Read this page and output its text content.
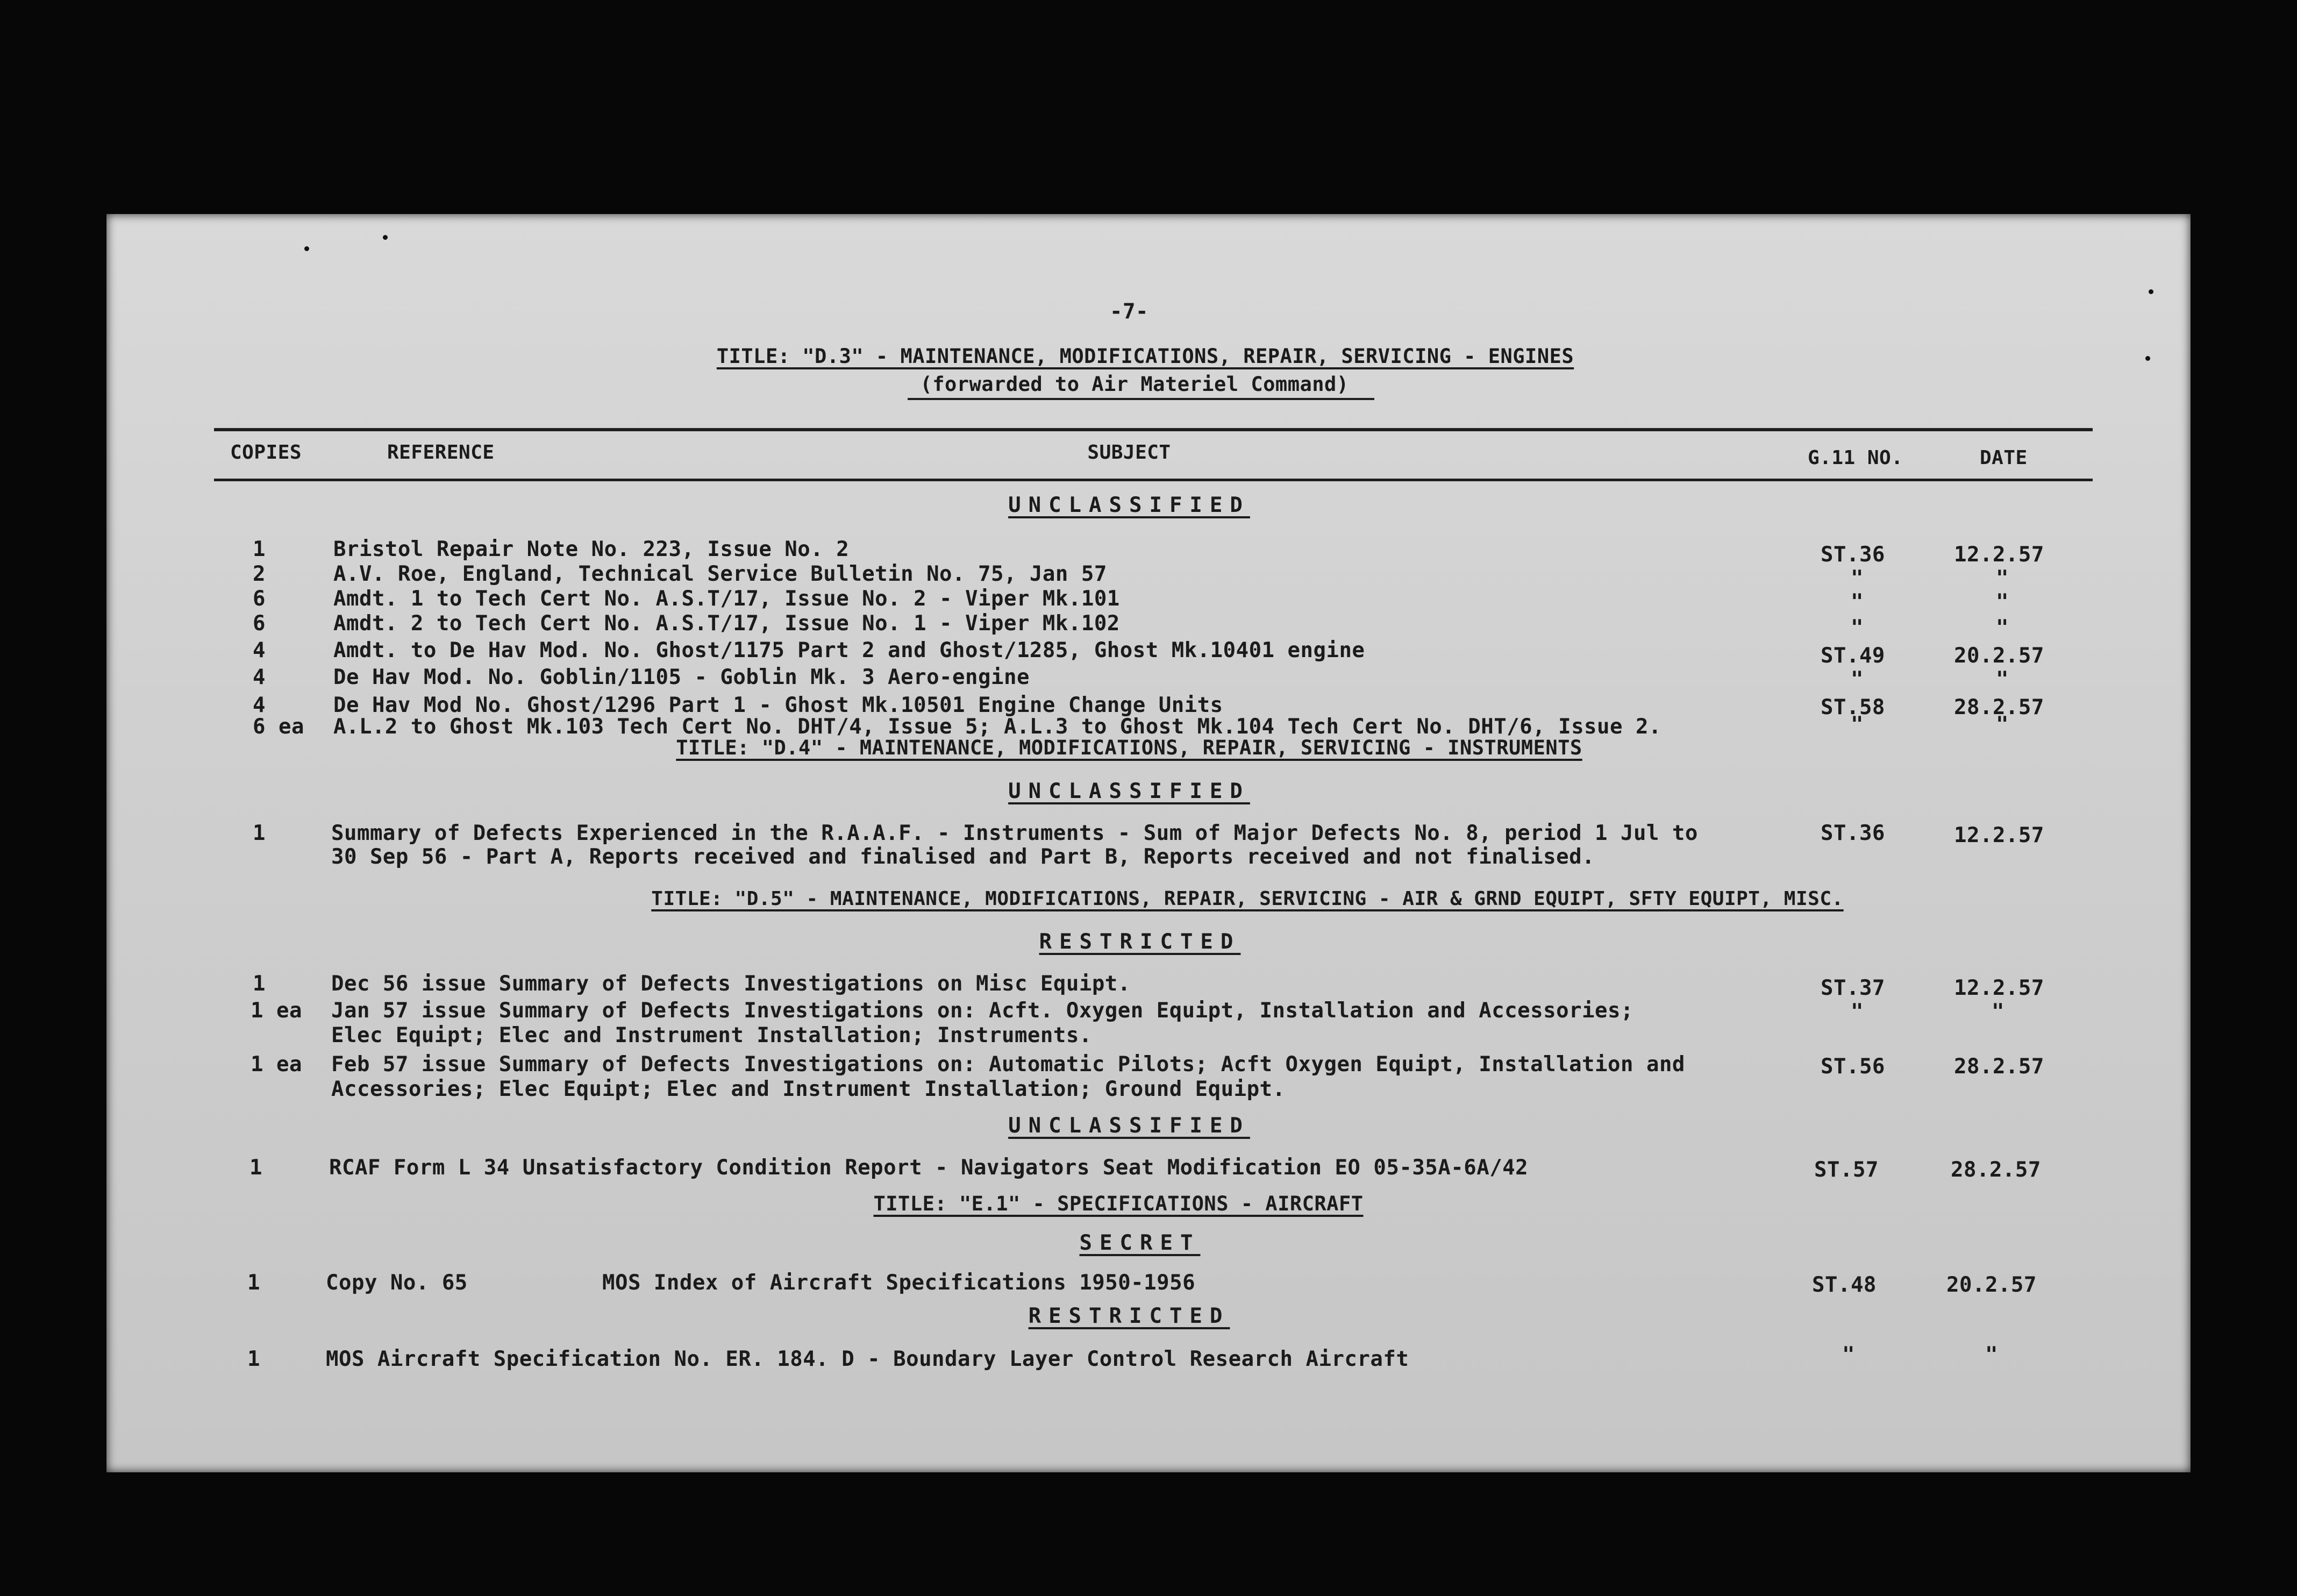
-7-
TITLE: "D.3" - MAINTENANCE, MODIFICATIONS, REPAIR, SERVICING - ENGINES
(forwarded to Air Materiel Command)
COPIES	REFERENCE	SUBJECT	G.11 NO.	DATE
UNCLASSIFIED
1	Bristol Repair Note No. 223, Issue No. 2	ST.36	12.2.57
2	A.V. Roe, England, Technical Service Bulletin No. 75, Jan 57	"	"
6	Amdt. 1 to Tech Cert No. A.S.T/17, Issue No. 2 - Viper Mk.101	"	"
6	Amdt. 2 to Tech Cert No. A.S.T/17, Issue No. 1 - Viper Mk.102	"	"
4	Amdt. to De Hav Mod. No. Ghost/1175 Part 2 and Ghost/1285, Ghost Mk.10401 engine	ST.49	20.2.57
4	De Hav Mod. No. Goblin/1105 - Goblin Mk. 3 Aero-engine	"	"
4	De Hav Mod No. Ghost/1296 Part 1 - Ghost Mk.10501 Engine Change Units	ST.58	28.2.57
6 ea A.L.2 to Ghost Mk.103 Tech Cert No. DHT/4, Issue 5; A.L.3 to Ghost Mk.104 Tech Cert No. DHT/6, Issue 2.	"	"
TITLE: "D.4" - MAINTENANCE, MODIFICATIONS, REPAIR, SERVICING - INSTRUMENTS
UNCLASSIFIED
1	Summary of Defects Experienced in the R.A.A.F. - Instruments - Sum of Major Defects No. 8, period 1 Jul to
30 Sep 56 - Part A, Reports received and finalised and Part B, Reports received and not finalised.
ST.36	12.2.57
TITLE: "D.5" - MAINTENANCE, MODIFICATIONS, REPAIR, SERVICING - AIR & GRND EQUIPT, SFTY EQUIPT, MISC.
RESTRICTED
1	Dec 56 issue Summary of Defects Investigations on Misc Equipt.	ST.37	12.2.57
1 ea Jan 57 issue Summary of Defects Investigations on: Acft. Oxygen Equipt, Installation and Accessories;
Elec Equipt; Elec and Instrument Installation; Instruments.
"	"
1 ea Feb 57 issue Summary of Defects Investigations on: Automatic Pilots; Acft Oxygen Equipt, Installation and
Accessories; Elec Equipt; Elec and Instrument Installation; Ground Equipt.
ST.56	28.2.57
UNCLASSIFIED
1	RCAF Form L 34 Unsatisfactory Condition Report - Navigators Seat Modification EO 05-35A-6A/42	ST.57	28.2.57
TITLE: "E.1" - SPECIFICATIONS - AIRCRAFT
SECRET
1	Copy No. 65	MOS Index of Aircraft Specifications 1950-1956	ST.48	20.2.57
RESTRICTED
1	MOS Aircraft Specification No. ER. 184. D - Boundary Layer Control Research Aircraft	"	"
